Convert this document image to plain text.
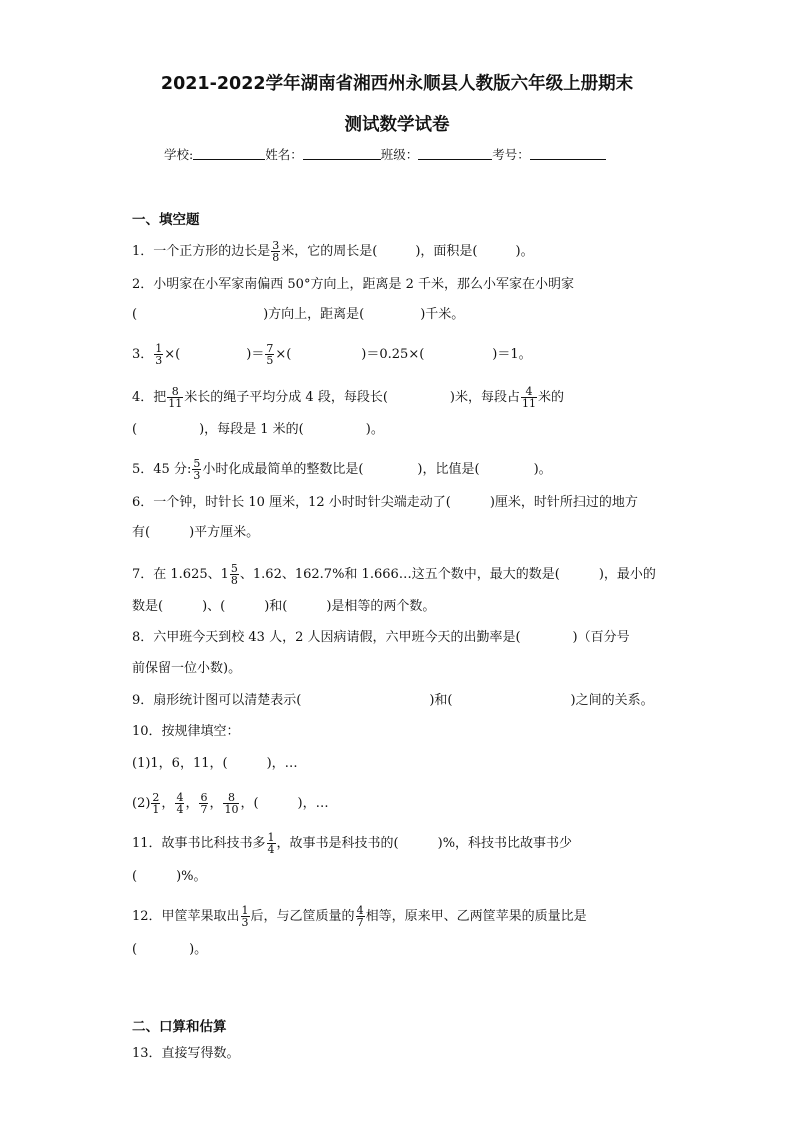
2021-2022学年湖南省湘西州永顺县人教版六年级上册期末
测试数学试卷
学校:	姓名：	班级：	考号：
一、填空题
1．一个正方形的边长是 $\frac{3}{8}$ 米，它的周长是(	)，面积是(	)。
2．小明家在小军家南偏西 50°方向上，距离是 2 千米，那么小军家在小明家
(	)方向上，距离是(	)千米。
3． $\frac{1}{3}$ ×(	)＝ $\frac{7}{5}$ ×(	)＝0.25×(	)＝1。
4．把 $\frac{8}{11}$ 米长的绳子平均分成 4 段，每段长(	)米，每段占 $\frac{4}{11}$ 米的
(	)，每段是 1 米的(	)。
5．45 分: $\frac{5}{3}$ 小时化成最简单的整数比是(	)，比值是(	)。
6．一个钟，时针长 10 厘米，12 小时时针尖端走动了(　　　)厘米，时针所扫过的地方
有(　　　)平方厘米。
7．在 1.625、$1 \frac{5}{8}$ 、1.62、162.7%和 1.666…这五个数中，最大的数是(　　　)，最小的
数是(　　　)、(　　　)和(　　　)是相等的两个数。
8．六甲班今天到校 43 人，2 人因病请假，六甲班今天的出勤率是(　　　　)（百分号
前保留一位小数)。
9．扇形统计图可以清楚表示(	)和(	)之间的关系。
10．按规律填空：
(1)1，6，11，(　　　)，…
$(2) \frac{2}{1}$ ， $\frac{4}{4}$ ， $\frac{6}{7}$ ， $\frac{8}{10}$ ，(　　　)，…
11．故事书比科技书多 $\frac{1}{4}$ ，故事书是科技书的(　　　)%，科技书比故事书少
(　　　)%。
12．甲筐苹果取出 $\frac{1}{3}$ 后，与乙筐质量的 $\frac{4}{7}$ 相等，原来甲、乙两筐苹果的质量比是
(　　　　)。
二、口算和估算
13．直接写得数。
